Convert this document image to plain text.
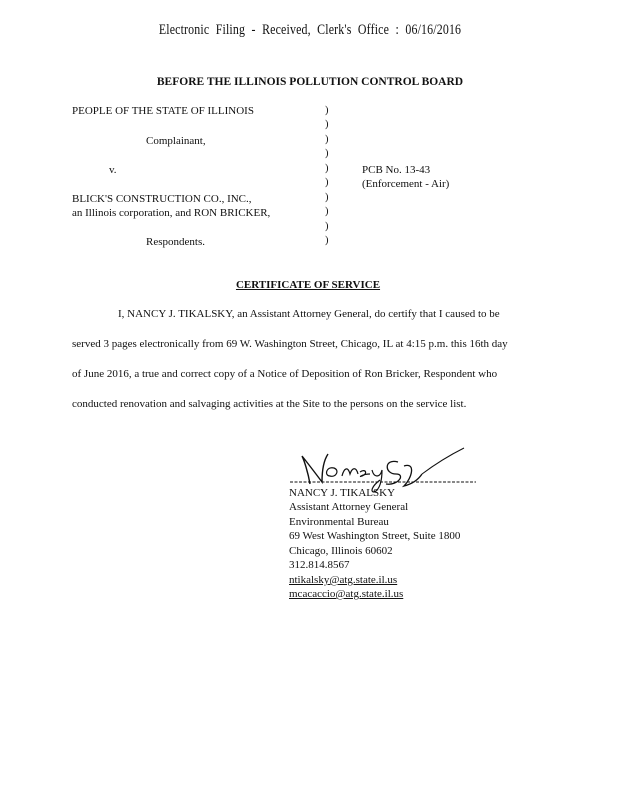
Electronic Filing - Received, Clerk's Office : 06/16/2016
BEFORE THE ILLINOIS POLLUTION CONTROL BOARD
PEOPLE OF THE STATE OF ILLINOIS
Complainant,
v.
BLICK'S CONSTRUCTION CO., INC.,
an Illinois corporation, and RON BRICKER,
Respondents.
)
)
)
)
)
)
)
)
)
)
PCB No. 13-43
(Enforcement - Air)
CERTIFICATE OF SERVICE
I, NANCY J. TIKALSKY, an Assistant Attorney General, do certify that I caused to be
served 3 pages electronically from 69 W. Washington Street, Chicago, IL at 4:15 p.m. this 16th day
of June 2016, a true and correct copy of a Notice of Deposition of Ron Bricker, Respondent who
conducted renovation and salvaging activities at the Site to the persons on the service list.
NANCY J. TIKALSKY
Assistant Attorney General
Environmental Bureau
69 West Washington Street, Suite 1800
Chicago, Illinois 60602
312.814.8567
ntikalsky@atg.state.il.us
mcacaccio@atg.state.il.us
